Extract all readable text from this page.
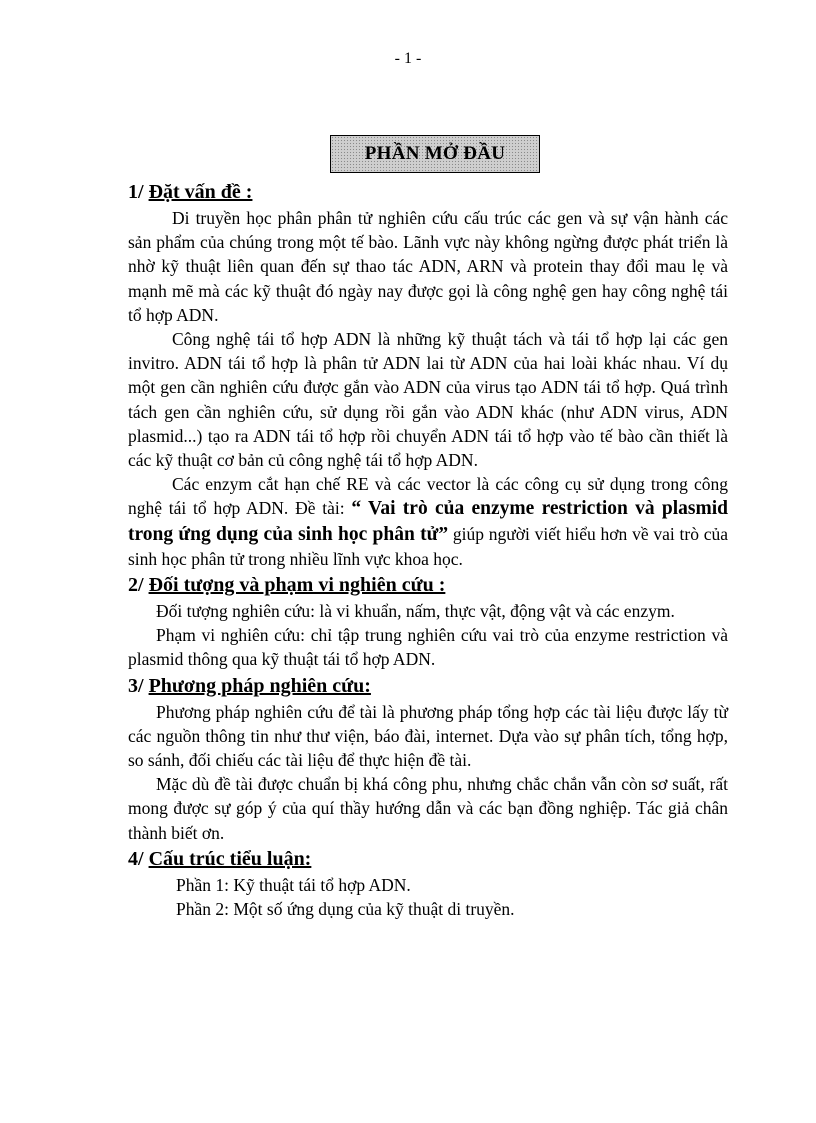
- 1 -
PHẦN MỞ ĐẦU
1/ Đặt vấn đề :

Di truyền học phân phân tử nghiên cứu cấu trúc các gen và sự vận hành các sản phẩm của chúng trong một tế bào. Lãnh vực này không ngừng được phát triển là nhờ kỹ thuật liên quan đến sự thao tác ADN, ARN và protein thay đổi mau lẹ và mạnh mẽ mà các kỹ thuật đó ngày nay được gọi là công nghệ gen hay công nghệ tái tổ hợp ADN.

Công nghệ tái tổ hợp ADN là những kỹ thuật tách và tái tổ hợp lại các gen invitro. ADN tái tổ hợp là phân tử ADN lai từ ADN của hai loài khác nhau. Ví dụ một gen cần nghiên cứu được gắn vào ADN của virus tạo ADN tái tổ hợp. Quá trình tách gen cần nghiên cứu, sử dụng rồi gắn vào ADN khác (như ADN virus, ADN plasmid...) tạo ra ADN tái tổ hợp rồi chuyển ADN tái tổ hợp vào tế bào cần thiết là các kỹ thuật cơ bản củ công nghệ tái tổ hợp ADN.

Các enzym cắt hạn chế RE và các vector là các công cụ sử dụng trong công nghệ tái tổ hợp ADN. Đề tài: “ Vai trò của enzyme restriction và plasmid trong ứng dụng của sinh học phân tử” giúp người viết hiểu hơn về vai trò của sinh học phân tử trong nhiều lĩnh vực khoa học.

2/ Đối tượng và phạm vi nghiên cứu :

Đối tượng nghiên cứu: là vi khuẩn, nấm, thực vật, động vật và các enzym.

Phạm vi nghiên cứu: chỉ tập trung nghiên cứu vai trò của enzyme restriction và plasmid thông qua kỹ thuật tái tổ hợp ADN.

3/ Phương pháp nghiên cứu:

Phương pháp nghiên cứu để tài là phương pháp tổng hợp các tài liệu được lấy từ các nguồn thông tin như thư viện, báo đài, internet. Dựa vào sự phân tích, tổng hợp, so sánh, đối chiếu các tài liệu để thực hiện đề tài.

Mặc dù đề tài được chuẩn bị khá công phu, nhưng chắc chắn vẫn còn sơ suất, rất mong được sự góp ý của quí thầy hướng dẫn và các bạn đồng nghiệp. Tác giả chân thành biết ơn.

4/ Cấu trúc tiểu luận:
Phần 1: Kỹ thuật tái tổ hợp ADN.
Phần 2: Một số ứng dụng của kỹ thuật di truyền.
